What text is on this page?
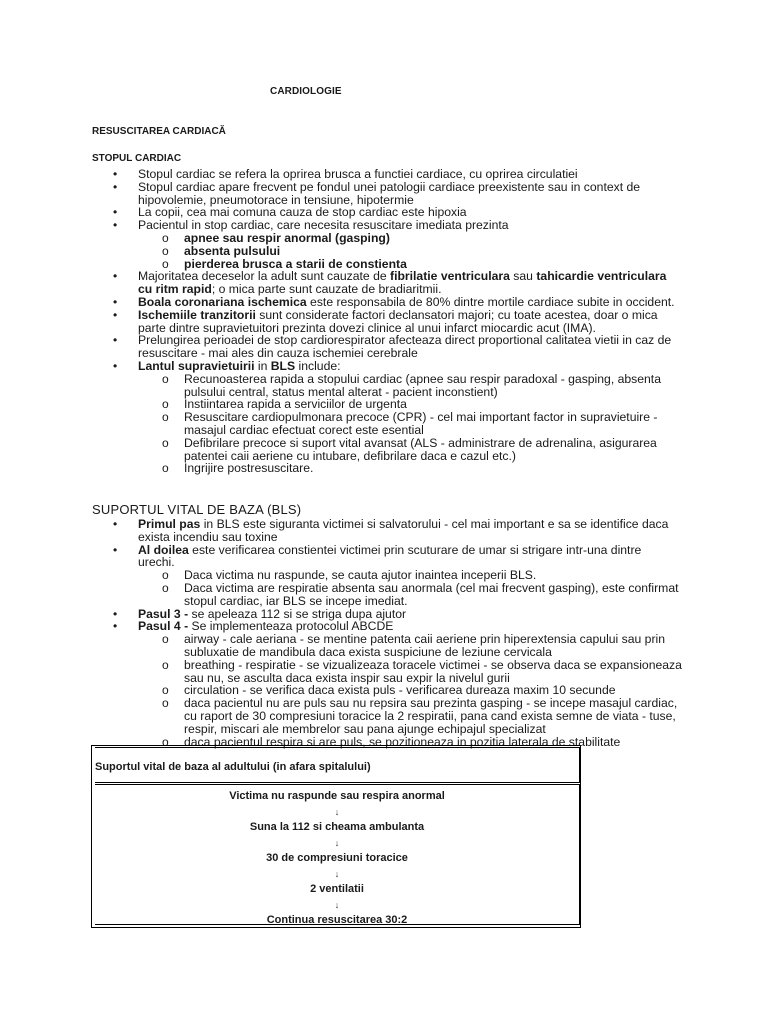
CARDIOLOGIE
RESUSCITAREA CARDIACĂ
STOPUL CARDIAC
• Stopul cardiac se refera la oprirea brusca a functiei cardiace, cu oprirea circulatiei
• Stopul cardiac apare frecvent pe fondul unei patologii cardiace preexistente sau in context de hipovolemie, pneumotorace in tensiune, hipotermie
• La copii, cea mai comuna cauza de stop cardiac este hipoxia
• Pacientul in stop cardiac, care necesita resuscitare imediata prezinta
o apnee sau respir anormal (gasping)
o absenta pulsului
o pierderea brusca a starii de constienta
• Majoritatea deceselor la adult sunt cauzate de fibrilatie ventriculara sau tahicardie ventriculara cu ritm rapid; o mica parte sunt cauzate de bradiaritmii.
• Boala coronariana ischemica este responsabila de 80% dintre mortile cardiace subite in occident.
• Ischemiile tranzitorii sunt considerate factori declansatori majori; cu toate acestea, doar o mica parte dintre supravietuitori prezinta dovezi clinice al unui infarct miocardic acut (IMA).
• Prelungirea perioadei de stop cardiorespirator afecteaza direct proportional calitatea vietii in caz de resuscitare - mai ales din cauza ischemiei cerebrale
• Lantul supravietuirii in BLS include:
o Recunoasterea rapida a stopului cardiac (apnee sau respir paradoxal - gasping, absenta pulsului central, status mental alterat - pacient inconstient)
o Instiintarea rapida a serviciilor de urgenta
o Resuscitare cardiopulmonara precoce (CPR) - cel mai important factor in supravietuire - masajul cardiac efectuat corect este esential
o Defibrilare precoce si suport vital avansat (ALS - administrare de adrenalina, asigurarea patentei caii aeriene cu intubare, defibrilare daca e cazul etc.)
o Ingrijire postresuscitare.
SUPORTUL VITAL DE BAZA (BLS)
• Primul pas in BLS este siguranta victimei si salvatorului - cel mai important e sa se identifice daca exista incendiu sau toxine
• Al doilea este verificarea constientei victimei prin scuturare de umar si strigare intr-una dintre urechi.
o Daca victima nu raspunde, se cauta ajutor inaintea inceperii BLS.
o Daca victima are respiratie absenta sau anormala (cel mai frecvent gasping), este confirmat stopul cardiac, iar BLS se incepe imediat.
• Pasul 3 - se apeleaza 112 si se striga dupa ajutor
• Pasul 4 - Se implementeaza protocolul ABCDE
o airway - cale aeriana - se mentine patenta caii aeriene prin hiperextensia capului sau prin subluxatie de mandibula daca exista suspiciune de leziune cervicala
o breathing - respiratie - se vizualizeaza toracele victimei - se observa daca se expansioneaza sau nu, se asculta daca exista inspir sau expir la nivelul gurii
o circulation - se verifica daca exista puls - verificarea dureaza maxim 10 secunde
o daca pacientul nu are puls sau nu repsira sau prezinta gasping - se incepe masajul cardiac, cu raport de 30 compresiuni toracice la 2 respiratii, pana cand exista semne de viata - tuse, respir, miscari ale membrelor sau pana ajunge echipajul specializat
o daca pacientul respira si are puls, se pozitioneaza in pozitia laterala de stabilitate
Suportul vital de baza al adultului (in afara spitalului)
Victima nu raspunde sau respira anormal
↓
Suna la 112 si cheama ambulanta
↓
30 de compresiuni toracice
↓
2 ventilatii
↓
Continua resuscitarea 30:2
